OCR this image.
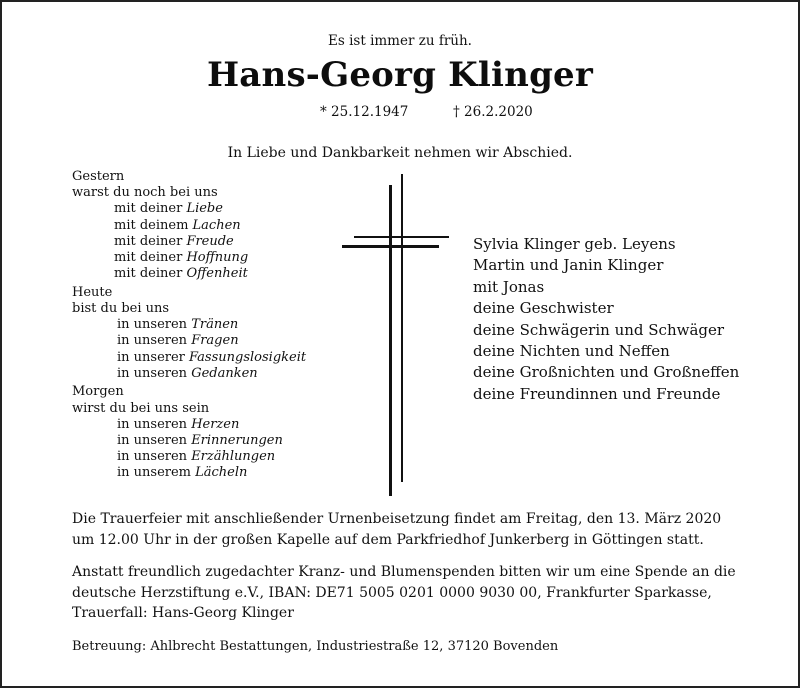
Es ist immer zu früh.
Hans-Georg Klinger
* 25.12.1947	† 26.2.2020
In Liebe und Dankbarkeit nehmen wir Abschied.
Gestern
warst du noch bei uns
mit deiner Liebe
mit deinem Lachen
mit deiner Freude
mit deiner Hoffnung
mit deiner Offenheit
Heute
bist du bei uns
in unseren Tränen
in unseren Fragen
in unserer Fassungslosigkeit
in unseren Gedanken
Morgen
wirst du bei uns sein
in unseren Herzen
in unseren Erinnerungen
in unseren Erzählungen
in unserem Lächeln
Sylvia Klinger geb. Leyens
Martin und Janin Klinger
mit Jonas
deine Geschwister
deine Schwägerin und Schwäger
deine Nichten und Neffen
deine Großnichten und Großneffen
deine Freundinnen und Freunde
Die Trauerfeier mit anschließender Urnenbeisetzung findet am Freitag, den 13. März 2020
um 12.00 Uhr in der großen Kapelle auf dem Parkfriedhof Junkerberg in Göttingen statt.
Anstatt freundlich zugedachter Kranz- und Blumenspenden bitten wir um eine Spende an die
deutsche Herzstiftung e.V., IBAN: DE71 5005 0201 0000 9030 00, Frankfurter Sparkasse,
Trauerfall: Hans-Georg Klinger
Betreuung: Ahlbrecht Bestattungen, Industriestraße 12, 37120 Bovenden
